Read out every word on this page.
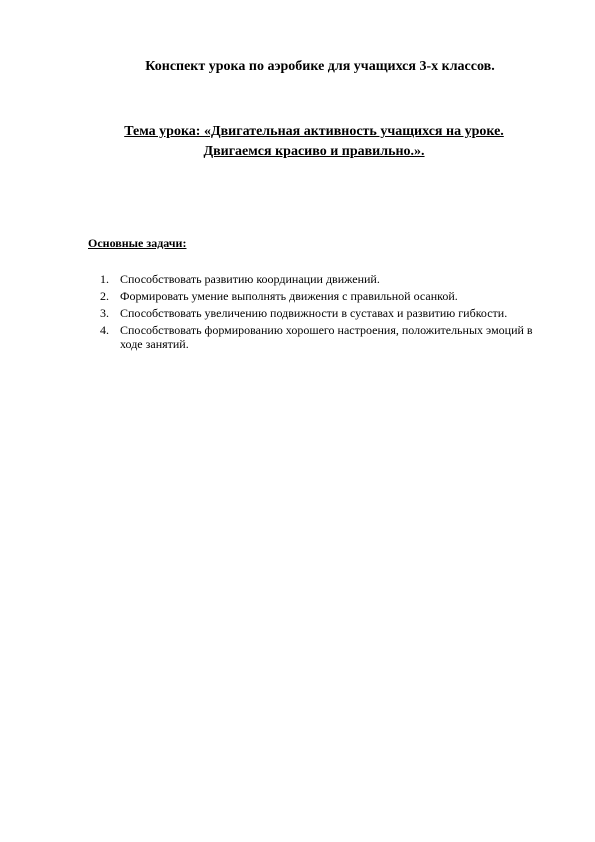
Конспект урока по аэробике для учащихся 3-х классов.
Тема урока: «Двигательная активность учащихся на уроке.
Двигаемся красиво и правильно.».
Основные задачи:
1. Способствовать развитию координации движений.
2. Формировать умение выполнять движения с правильной осанкой.
3. Способствовать увеличению подвижности в суставах и развитию гибкости.
4. Способствовать формированию хорошего настроения, положительных эмоций в ходе занятий.
